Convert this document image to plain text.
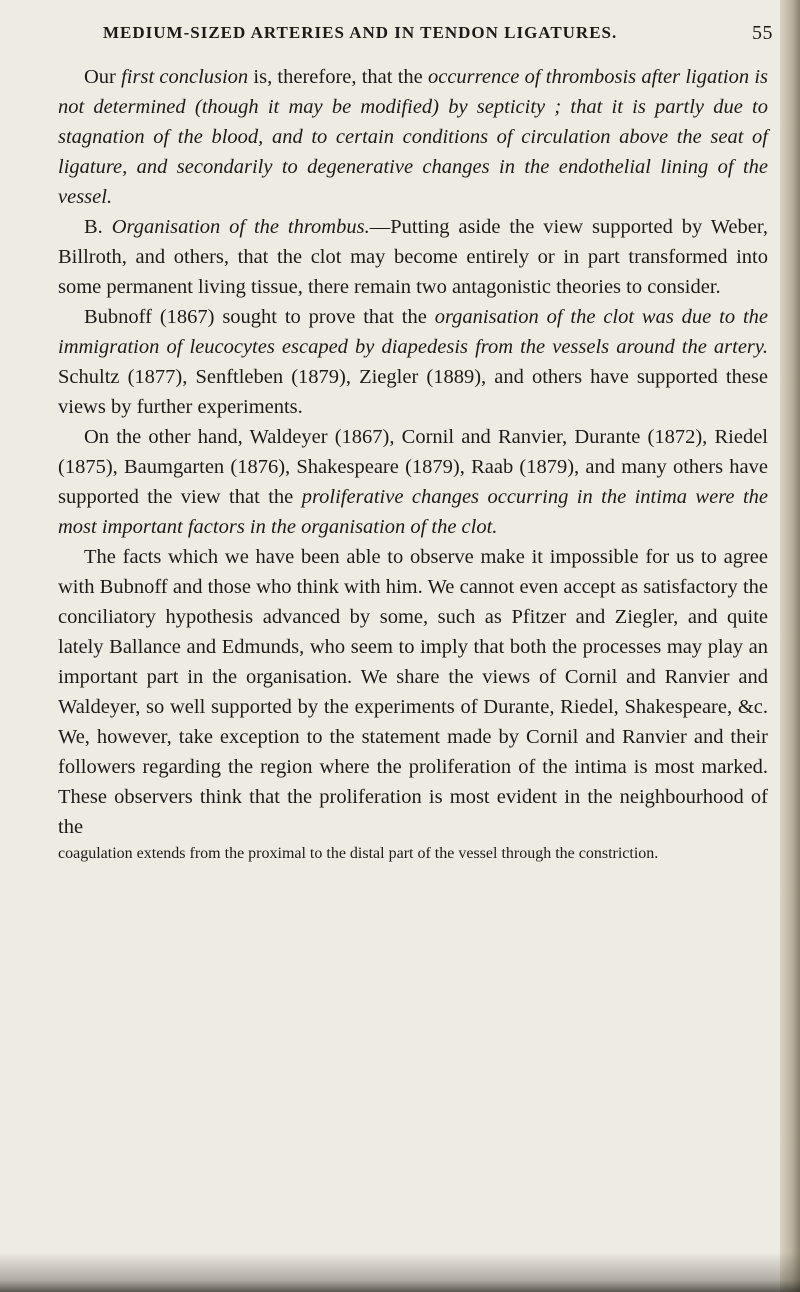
MEDIUM-SIZED ARTERIES AND IN TENDON LIGATURES.	55

Our first conclusion is, therefore, that the occurrence of thrombosis after ligation is not determined (though it may be modified) by septicity ; that it is partly due to stagnation of the blood, and to certain conditions of circulation above the seat of ligature, and secondarily to degenerative changes in the endothelial lining of the vessel.

B. Organisation of the thrombus.—Putting aside the view supported by Weber, Billroth, and others, that the clot may become entirely or in part transformed into some permanent living tissue, there remain two antagonistic theories to consider.

Bubnoff (1867) sought to prove that the organisation of the clot was due to the immigration of leucocytes escaped by diapedesis from the vessels around the artery. Schultz (1877), Senftleben (1879), Ziegler (1889), and others have supported these views by further experiments.

On the other hand, Waldeyer (1867), Cornil and Ranvier, Durante (1872), Riedel (1875), Baumgarten (1876), Shakespeare (1879), Raab (1879), and many others have supported the view that the proliferative changes occurring in the intima were the most important factors in the organisation of the clot.

The facts which we have been able to observe make it impossible for us to agree with Bubnoff and those who think with him. We cannot even accept as satisfactory the conciliatory hypothesis advanced by some, such as Pfitzer and Ziegler, and quite lately Ballance and Edmunds, who seem to imply that both the processes may play an important part in the organisation. We share the views of Cornil and Ranvier and Waldeyer, so well supported by the experiments of Durante, Riedel, Shakespeare, &c. We, however, take exception to the statement made by Cornil and Ranvier and their followers regarding the region where the proliferation of the intima is most marked. These observers think that the proliferation is most evident in the neighbourhood of the

coagulation extends from the proximal to the distal part of the vessel through the constriction.
